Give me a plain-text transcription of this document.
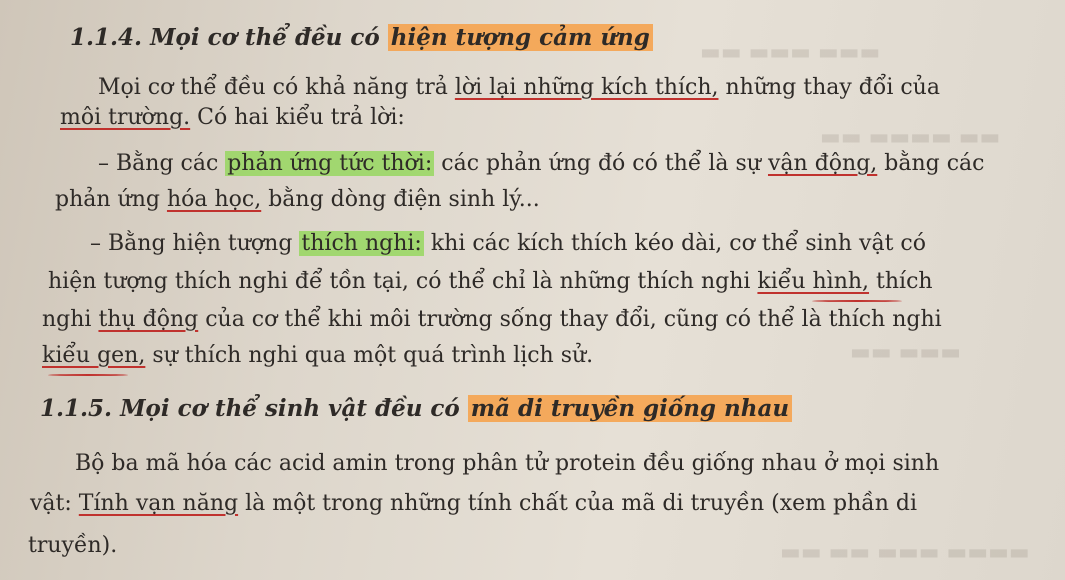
▬▬▬ ▬▬▬ ▬▬
▬▬ ▬▬▬▬ ▬▬
▬▬▬ ▬▬
▬▬▬▬ ▬▬▬ ▬▬ ▬▬
1.1.4. Mọi cơ thể đều có hiện tượng cảm ứng
Mọi cơ thể đều có khả năng trả lời lại những kích thích, những thay đổi của
môi trường. Có hai kiểu trả lời:
– Bằng các phản ứng tức thời: các phản ứng đó có thể là sự vận động, bằng các
phản ứng hóa học, bằng dòng điện sinh lý...
– Bằng hiện tượng thích nghi: khi các kích thích kéo dài, cơ thể sinh vật có
hiện tượng thích nghi để tồn tại, có thể chỉ là những thích nghi kiểu hình, thích
nghi thụ động của cơ thể khi môi trường sống thay đổi, cũng có thể là thích nghi
kiểu gen, sự thích nghi qua một quá trình lịch sử.
1.1.5. Mọi cơ thể sinh vật đều có mã di truyền giống nhau
Bộ ba mã hóa các acid amin trong phân tử protein đều giống nhau ở mọi sinh
vật: Tính vạn năng là một trong những tính chất của mã di truyền (xem phần di
truyền).
